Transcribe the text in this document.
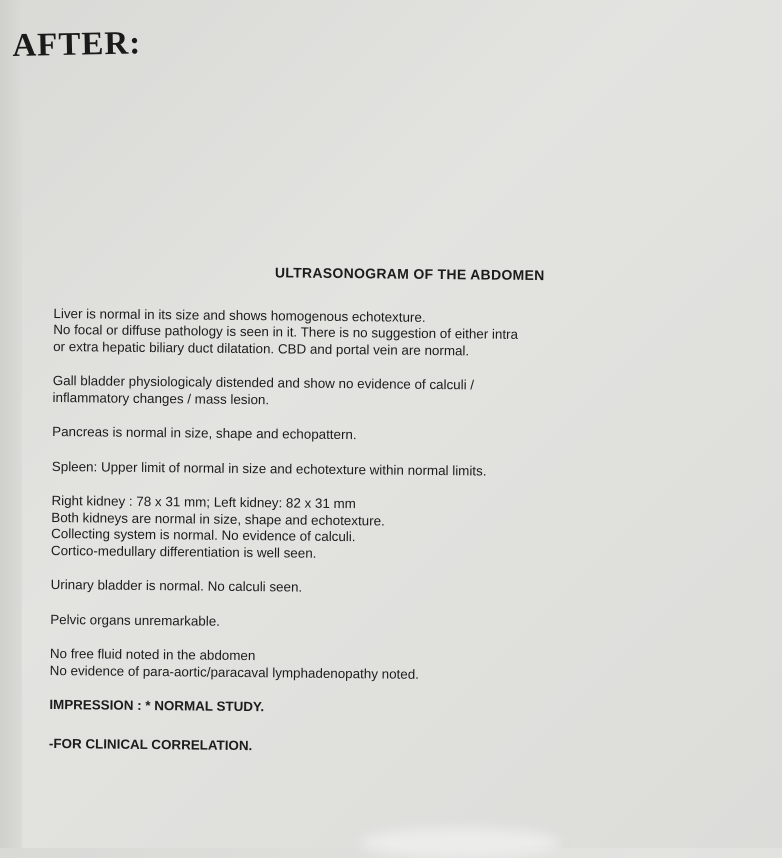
AFTER:
ULTRASONOGRAM OF THE ABDOMEN
Liver is normal in its size and shows homogenous echotexture.
No focal or diffuse pathology is seen in it. There is no suggestion of either intra
or extra hepatic biliary duct dilatation. CBD and portal vein are normal.
Gall bladder physiologicaly distended and show no evidence of calculi /
inflammatory changes / mass lesion.
Pancreas is normal in size, shape and echopattern.
Spleen: Upper limit of normal in size and echotexture within normal limits.
Right kidney : 78 x 31 mm; Left kidney: 82 x 31 mm
Both kidneys are normal in size, shape and echotexture.
Collecting system is normal. No evidence of calculi.
Cortico-medullary differentiation is well seen.
Urinary bladder is normal. No calculi seen.
Pelvic organs unremarkable.
No free fluid noted in the abdomen
No evidence of para-aortic/paracaval lymphadenopathy noted.
IMPRESSION : * NORMAL STUDY.
-FOR CLINICAL CORRELATION.
